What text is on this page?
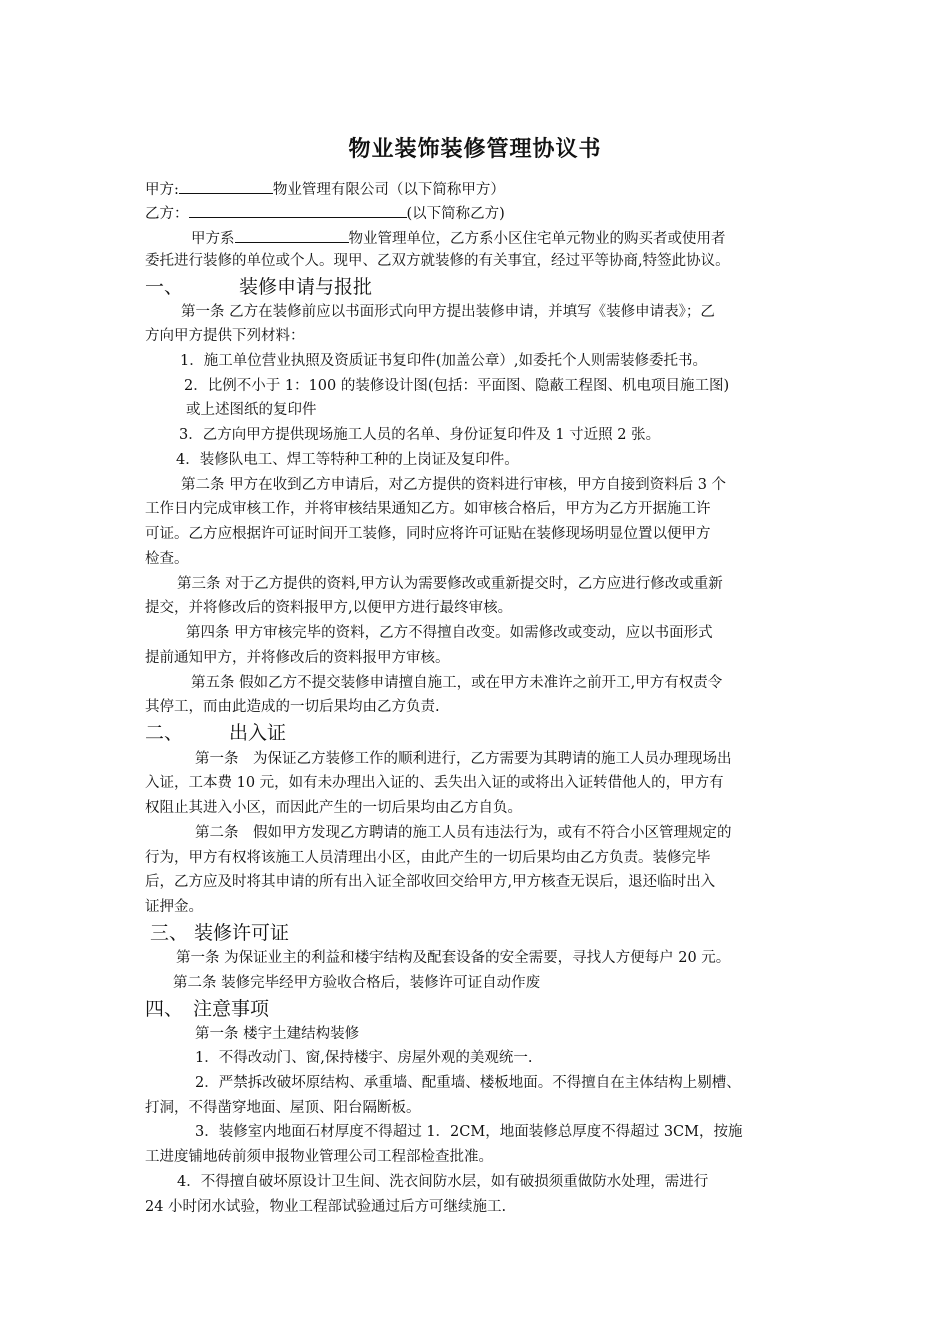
物业装饰装修管理协议书
甲方:	物业管理有限公司（以下简称甲方）
乙方：	(以下简称乙方)
甲方系	物业管理单位，乙方系小区住宅单元物业的购买者或使用者
委托进行装修的单位或个人。现甲、乙双方就装修的有关事宜，经过平等协商,特签此协议。
一、	装修申请与报批
第一条 乙方在装修前应以书面形式向甲方提出装修申请，并填写《装修申请表》；乙
方向甲方提供下列材料：
1．施工单位营业执照及资质证书复印件(加盖公章）,如委托个人则需装修委托书。
2．比例不小于 1：100 的装修设计图(包括：平面图、隐蔽工程图、机电项目施工图)
或上述图纸的复印件
3．乙方向甲方提供现场施工人员的名单、身份证复印件及 1 寸近照 2 张。
4．装修队电工、焊工等特种工种的上岗证及复印件。
第二条 甲方在收到乙方申请后，对乙方提供的资料进行审核，甲方自接到资料后 3 个
工作日内完成审核工作，并将审核结果通知乙方。如审核合格后，甲方为乙方开据施工许
可证。乙方应根据许可证时间开工装修，同时应将许可证贴在装修现场明显位置以便甲方
检查。
第三条 对于乙方提供的资料,甲方认为需要修改或重新提交时，乙方应进行修改或重新
提交，并将修改后的资料报甲方,以便甲方进行最终审核。
第四条 甲方审核完毕的资料，乙方不得擅自改变。如需修改或变动，应以书面形式
提前通知甲方，并将修改后的资料报甲方审核。
第五条 假如乙方不提交装修申请擅自施工，或在甲方未准许之前开工,甲方有权责令
其停工，而由此造成的一切后果均由乙方负责.
二、 出入证
第一条　为保证乙方装修工作的顺利进行，乙方需要为其聘请的施工人员办理现场出
入证，工本费 10 元，如有未办理出入证的、丢失出入证的或将出入证转借他人的，甲方有
权阻止其进入小区，而因此产生的一切后果均由乙方自负。
第二条　假如甲方发现乙方聘请的施工人员有违法行为，或有不符合小区管理规定的
行为，甲方有权将该施工人员清理出小区，由此产生的一切后果均由乙方负责。装修完毕
后，乙方应及时将其申请的所有出入证全部收回交给甲方,甲方核查无误后，退还临时出入
证押金。
三、 装修许可证
第一条 为保证业主的利益和楼宇结构及配套设备的安全需要，寻找人方便每户 20 元。
第二条 装修完毕经甲方验收合格后，装修许可证自动作废
四、 注意事项
第一条 楼宇土建结构装修
1．不得改动门、窗,保持楼宇、房屋外观的美观统一.
2．严禁拆改破坏原结构、承重墙、配重墙、楼板地面。不得擅自在主体结构上剔槽、
打洞，不得凿穿地面、屋顶、阳台隔断板。
3．装修室内地面石材厚度不得超过 1．2CM，地面装修总厚度不得超过 3CM，按施
工进度铺地砖前须申报物业管理公司工程部检查批准。
4．不得擅自破坏原设计卫生间、洗衣间防水层，如有破损须重做防水处理，需进行
24 小时闭水试验，物业工程部试验通过后方可继续施工.
